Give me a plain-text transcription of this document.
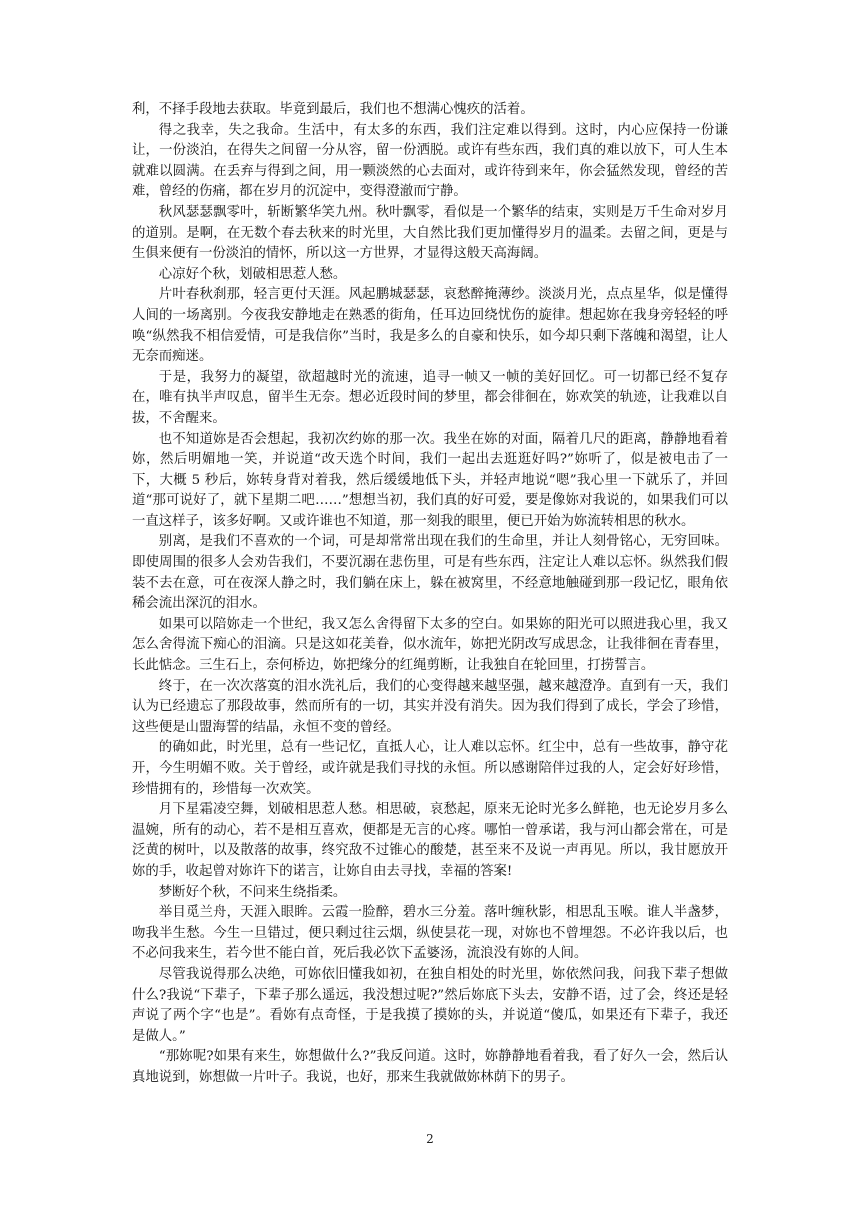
利，不择手段地去获取。毕竟到最后，我们也不想满心愧疚的活着。

得之我幸，失之我命。生活中，有太多的东西，我们注定难以得到。这时，内心应保持一份谦让，一份淡泊，在得失之间留一分从容，留一份洒脱。或许有些东西，我们真的难以放下，可人生本就难以圆满。在丢弃与得到之间，用一颗淡然的心去面对，或许待到来年，你会猛然发现，曾经的苦难，曾经的伤痛，都在岁月的沉淀中，变得澄澈而宁静。

秋风瑟瑟飘零叶，斩断繁华笑九州。秋叶飘零，看似是一个繁华的结束，实则是万千生命对岁月的道别。是啊，在无数个春去秋来的时光里，大自然比我们更加懂得岁月的温柔。去留之间，更是与生俱来便有一份淡泊的情怀，所以这一方世界，才显得这般天高海阔。

心凉好个秋，划破相思惹人愁。

片叶春秋刹那，轻言更付天涯。风起鹏城瑟瑟，哀愁醉掩薄纱。淡淡月光，点点星华，似是懂得人间的一场离别。今夜我安静地走在熟悉的街角，任耳边回绕忧伤的旋律。想起妳在我身旁轻轻的呼唤“纵然我不相信爱情，可是我信你”当时，我是多么的自豪和快乐，如今却只剩下落魄和渴望，让人无奈而痴迷。

于是，我努力的凝望，欲超越时光的流速，追寻一帧又一帧的美好回忆。可一切都已经不复存在，唯有执半声叹息，留半生无奈。想必近段时间的梦里，都会徘徊在，妳欢笑的轨迹，让我难以自拔，不舍醒来。

也不知道妳是否会想起，我初次约妳的那一次。我坐在妳的对面，隔着几尺的距离，静静地看着妳，然后明媚地一笑，并说道“改天选个时间，我们一起出去逛逛好吗?”妳听了，似是被电击了一下，大概 5 秒后，妳转身背对着我，然后缓缓地低下头，并轻声地说“嗯”我心里一下就乐了，并回道“那可说好了，就下星期二吧……”想想当初，我们真的好可爱，要是像妳对我说的，如果我们可以一直这样子，该多好啊。又或许谁也不知道，那一刻我的眼里，便已开始为妳流转相思的秋水。

别离，是我们不喜欢的一个词，可是却常常出现在我们的生命里，并让人刻骨铭心，无穷回味。即使周围的很多人会劝告我们，不要沉溺在悲伤里，可是有些东西，注定让人难以忘怀。纵然我们假装不去在意，可在夜深人静之时，我们躺在床上，躲在被窝里，不经意地触碰到那一段记忆，眼角依稀会流出深沉的泪水。

如果可以陪妳走一个世纪，我又怎么舍得留下太多的空白。如果妳的阳光可以照进我心里，我又怎么舍得流下痴心的泪滴。只是这如花美眷，似水流年，妳把光阴改写成思念，让我徘徊在青春里，长此惦念。三生石上，奈何桥边，妳把缘分的红绳剪断，让我独自在轮回里，打捞誓言。

终于，在一次次落寞的泪水洗礼后，我们的心变得越来越坚强，越来越澄净。直到有一天，我们认为已经遗忘了那段故事，然而所有的一切，其实并没有消失。因为我们得到了成长，学会了珍惜，这些便是山盟海誓的结晶，永恒不变的曾经。

的确如此，时光里，总有一些记忆，直抵人心，让人难以忘怀。红尘中，总有一些故事，静守花开，今生明媚不败。关于曾经，或许就是我们寻找的永恒。所以感谢陪伴过我的人，定会好好珍惜，珍惜拥有的，珍惜每一次欢笑。

月下星霜凌空舞，划破相思惹人愁。相思破，哀愁起，原来无论时光多么鲜艳，也无论岁月多么温婉，所有的动心，若不是相互喜欢，便都是无言的心疼。哪怕一曾承诺，我与河山都会常在，可是泛黄的树叶，以及散落的故事，终究敌不过锥心的酸楚，甚至来不及说一声再见。所以，我甘愿放开妳的手，收起曾对妳许下的诺言，让妳自由去寻找，幸福的答案!

梦断好个秋，不问来生绕指柔。

举目觅兰舟，天涯入眼眸。云霞一脸醉，碧水三分羞。落叶缠秋影，相思乱玉喉。谁人半盏梦，吻我半生愁。今生一旦错过，便只剩过往云烟，纵使昙花一现，对妳也不曾埋怨。不必许我以后，也不必问我来生，若今世不能白首，死后我必饮下孟婆汤，流浪没有妳的人间。

尽管我说得那么决绝，可妳依旧懂我如初，在独自相处的时光里，妳依然问我，问我下辈子想做什么?我说“下辈子，下辈子那么遥远，我没想过呢?”然后妳底下头去，安静不语，过了会，终还是轻声说了两个字“也是”。看妳有点奇怪，于是我摸了摸妳的头，并说道“傻瓜，如果还有下辈子，我还是做人。”

“那妳呢?如果有来生，妳想做什么?”我反问道。这时，妳静静地看着我，看了好久一会，然后认真地说到，妳想做一片叶子。我说，也好，那来生我就做妳林荫下的男子。

2
